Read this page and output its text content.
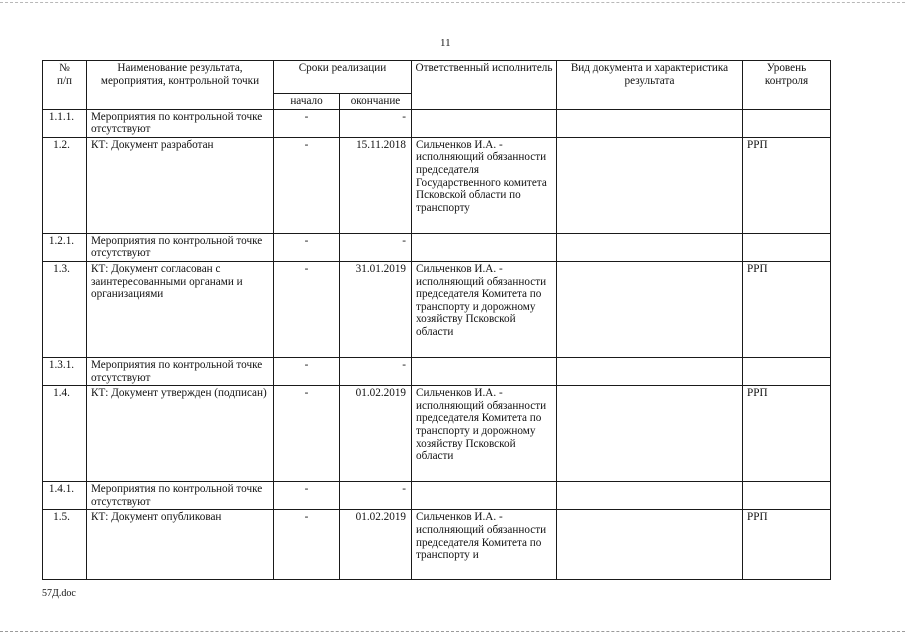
11
№
п/п	Наименование результата, мероприятия, контрольной точки	Сроки реализации		Ответственный исполнитель	Вид документа и характеристика результата	Уровень контроля
		начало	окончание			
1.1.1.	Мероприятия по контрольной точке отсутствуют	-	-			
1.2.	КТ: Документ разработан	-	15.11.2018	Сильченков И.А. - исполняющий обязанности председателя Государственного комитета Псковской области по транспорту		РРП
1.2.1.	Мероприятия по контрольной точке отсутствуют	-	-			
1.3.	КТ: Документ согласован с заинтересованными органами и организациями	-	31.01.2019	Сильченков И.А. - исполняющий обязанности председателя Комитета по транспорту и дорожному хозяйству Псковской области		РРП
1.3.1.	Мероприятия по контрольной точке отсутствуют	-	-			
1.4.	КТ: Документ утвержден (подписан)	-	01.02.2019	Сильченков И.А. - исполняющий обязанности председателя Комитета по транспорту и дорожному хозяйству Псковской области		РРП
1.4.1.	Мероприятия по контрольной точке отсутствуют	-	-			
1.5.	КТ: Документ опубликован	-	01.02.2019	Сильченков И.А. - исполняющий обязанности председателя Комитета по транспорту и		РРП
57Д.doc
